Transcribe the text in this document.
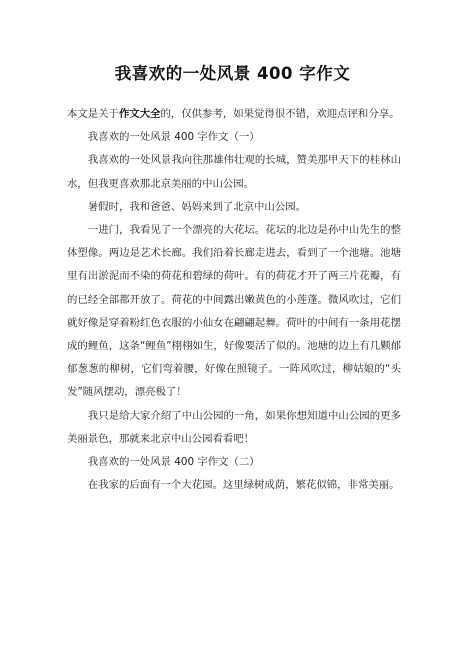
我喜欢的一处风景 400 字作文

本文是关于作文大全的，仅供参考，如果觉得很不错，欢迎点评和分享。

我喜欢的一处风景 400 字作文（一）

我喜欢的一处风景我向往那雄伟壮观的长城，赞美那甲天下的桂林山水，但我更喜欢那北京美丽的中山公园。

暑假时，我和爸爸、妈妈来到了北京中山公园。

一进门，我看见了一个漂亮的大花坛。花坛的北边是孙中山先生的整体塑像。两边是艺术长廊。我们沿着长廊走进去，看到了一个池塘。池塘里有出淤泥而不染的荷花和碧绿的荷叶。有的荷花才开了两三片花瓣，有的已经全部都开放了。荷花的中间露出嫩黄色的小莲蓬。微风吹过，它们就好像是穿着粉红色衣服的小仙女在翩翩起舞。荷叶的中间有一条用花摆成的鲤鱼，这条“鲤鱼”栩栩如生，好像要活了似的。池塘的边上有几颗郁郁葱葱的柳树，它们弯着腰，好像在照镜子。一阵风吹过，柳姑娘的“头发”随风摆动，漂亮极了！

我只是给大家介绍了中山公园的一角，如果你想知道中山公园的更多美丽景色，那就来北京中山公园看看吧！

我喜欢的一处风景 400 字作文（二）

在我家的后面有一个大花园。这里绿树成荫，繁花似锦，非常美丽。
